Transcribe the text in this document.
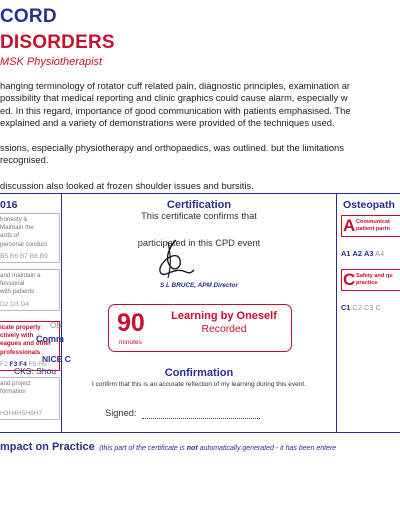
CORD
DISORDERS
MSK Physiotherapist
hanging terminology of rotator cuff related pain, diagnostic principles, examination ar
possibility that medical reporting and clinic graphics could cause alarm, especially w
ed. In this regard, importance of good communication with patients emphasised. The
explained and a variety of demonstrations were provided of the techniques used.
ssions, especially physiotherapy and orthopaedics, was outlined. but the limitations
recognised.
discussion also looked at frozen shoulder issues and bursitis.
016
honesty &
Maintain the
ards of
personal conduct
B5 B6 B7 B8 B9
and maintain a
fessional
with patients
D2 D3 D4
icate properly
ctively with
eagues and other
professionals
F2 F3 F4 F5 F6
and project
formation
H3H4H5H6H7
Certification
This certificate confirms that
participated in this CPD event
S L BRUCE, APM Director
90
minutes
Learning by Oneself
Recorded
Confirmation
I confirm that this is an accurate reflection of my learning during this event.
Signed:
Osteopath
A Communicat
patient partn
A1 A2 A3 A4
C Safety and qu
practice
C1 C2 C3 C
Ob
Comm
NICE C
CKS: Shou
mpact on Practice (this part of the certificate is not automatically generated - it has been entere
